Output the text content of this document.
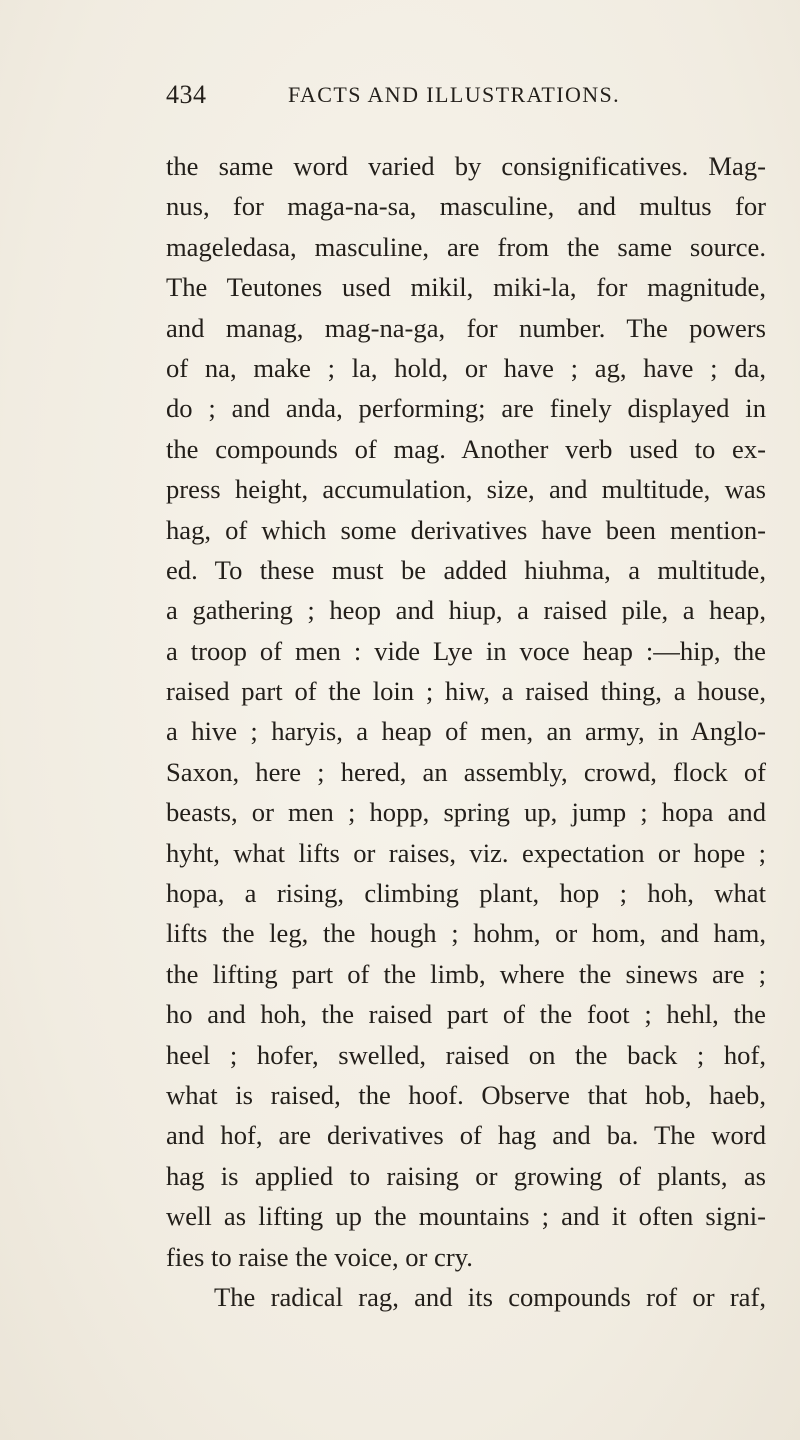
434	FACTS AND ILLUSTRATIONS.
the same word varied by consignificatives. Mag-
nus, for maga-na-sa, masculine, and multus for
mageledasa, masculine, are from the same source.
The Teutones used mikil, miki-la, for magnitude,
and manag, mag-na-ga, for number. The powers
of na, make ; la, hold, or have ; ag, have ; da,
do ; and anda, performing; are finely displayed in
the compounds of mag. Another verb used to ex-
press height, accumulation, size, and multitude, was
hag, of which some derivatives have been mention-
ed. To these must be added hiuhma, a multitude,
a gathering ; heop and hiup, a raised pile, a heap,
a troop of men : vide Lye in voce heap :—hip, the
raised part of the loin ; hiw, a raised thing, a house,
a hive ; haryis, a heap of men, an army, in Anglo-
Saxon, here ; hered, an assembly, crowd, flock of
beasts, or men ; hopp, spring up, jump ; hopa and
hyht, what lifts or raises, viz. expectation or hope ;
hopa, a rising, climbing plant, hop ; hoh, what
lifts the leg, the hough ; hohm, or hom, and ham,
the lifting part of the limb, where the sinews are ;
ho and hoh, the raised part of the foot ; hehl, the
heel ; hofer, swelled, raised on the back ; hof,
what is raised, the hoof. Observe that hob, haeb,
and hof, are derivatives of hag and ba. The word
hag is applied to raising or growing of plants, as
well as lifting up the mountains ; and it often signi-
fies to raise the voice, or cry.
The radical rag, and its compounds rof or raf,
